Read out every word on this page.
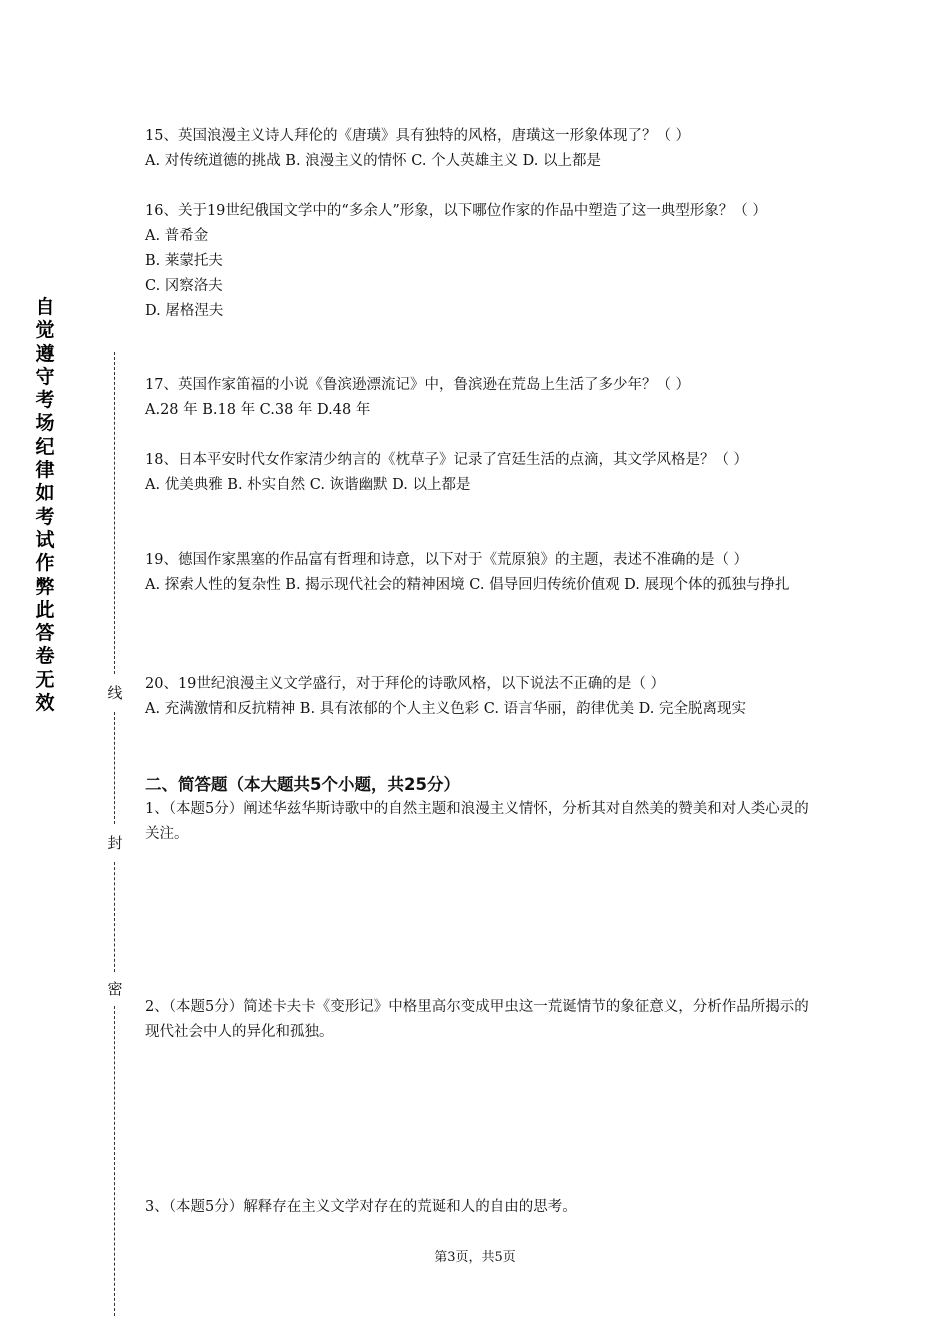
自觉遵守考场纪律如考试作弊此答卷无效	线
封
密

15、英国浪漫主义诗人拜伦的《唐璜》具有独特的风格，唐璜这一形象体现了？（ ）

A. 对传统道德的挑战 B. 浪漫主义的情怀 C. 个人英雄主义 D. 以上都是

16、关于19世纪俄国文学中的“多余人”形象，以下哪位作家的作品中塑造了这一典型形象？（ ）

A. 普希金

B. 莱蒙托夫

C. 冈察洛夫

D. 屠格涅夫

17、英国作家笛福的小说《鲁滨逊漂流记》中，鲁滨逊在荒岛上生活了多少年？（ ）

A.28 年 B.18 年 C.38 年 D.48 年

18、日本平安时代女作家清少纳言的《枕草子》记录了宫廷生活的点滴，其文学风格是？（ ）

A. 优美典雅 B. 朴实自然 C. 诙谐幽默 D. 以上都是

19、德国作家黑塞的作品富有哲理和诗意，以下对于《荒原狼》的主题，表述不准确的是（ ）

A. 探索人性的复杂性 B. 揭示现代社会的精神困境 C. 倡导回归传统价值观 D. 展现个体的孤独与挣扎

20、19世纪浪漫主义文学盛行，对于拜伦的诗歌风格，以下说法不正确的是（ ）

A. 充满激情和反抗精神 B. 具有浓郁的个人主义色彩 C. 语言华丽，韵律优美 D. 完全脱离现实

二、简答题（本大题共5个小题，共25分）

1、（本题5分）阐述华兹华斯诗歌中的自然主题和浪漫主义情怀，分析其对自然美的赞美和对人类心灵的关注。

2、（本题5分）简述卡夫卡《变形记》中格里高尔变成甲虫这一荒诞情节的象征意义，分析作品所揭示的现代社会中人的异化和孤独。

3、（本题5分）解释存在主义文学对存在的荒诞和人的自由的思考。

第3页，共5页
